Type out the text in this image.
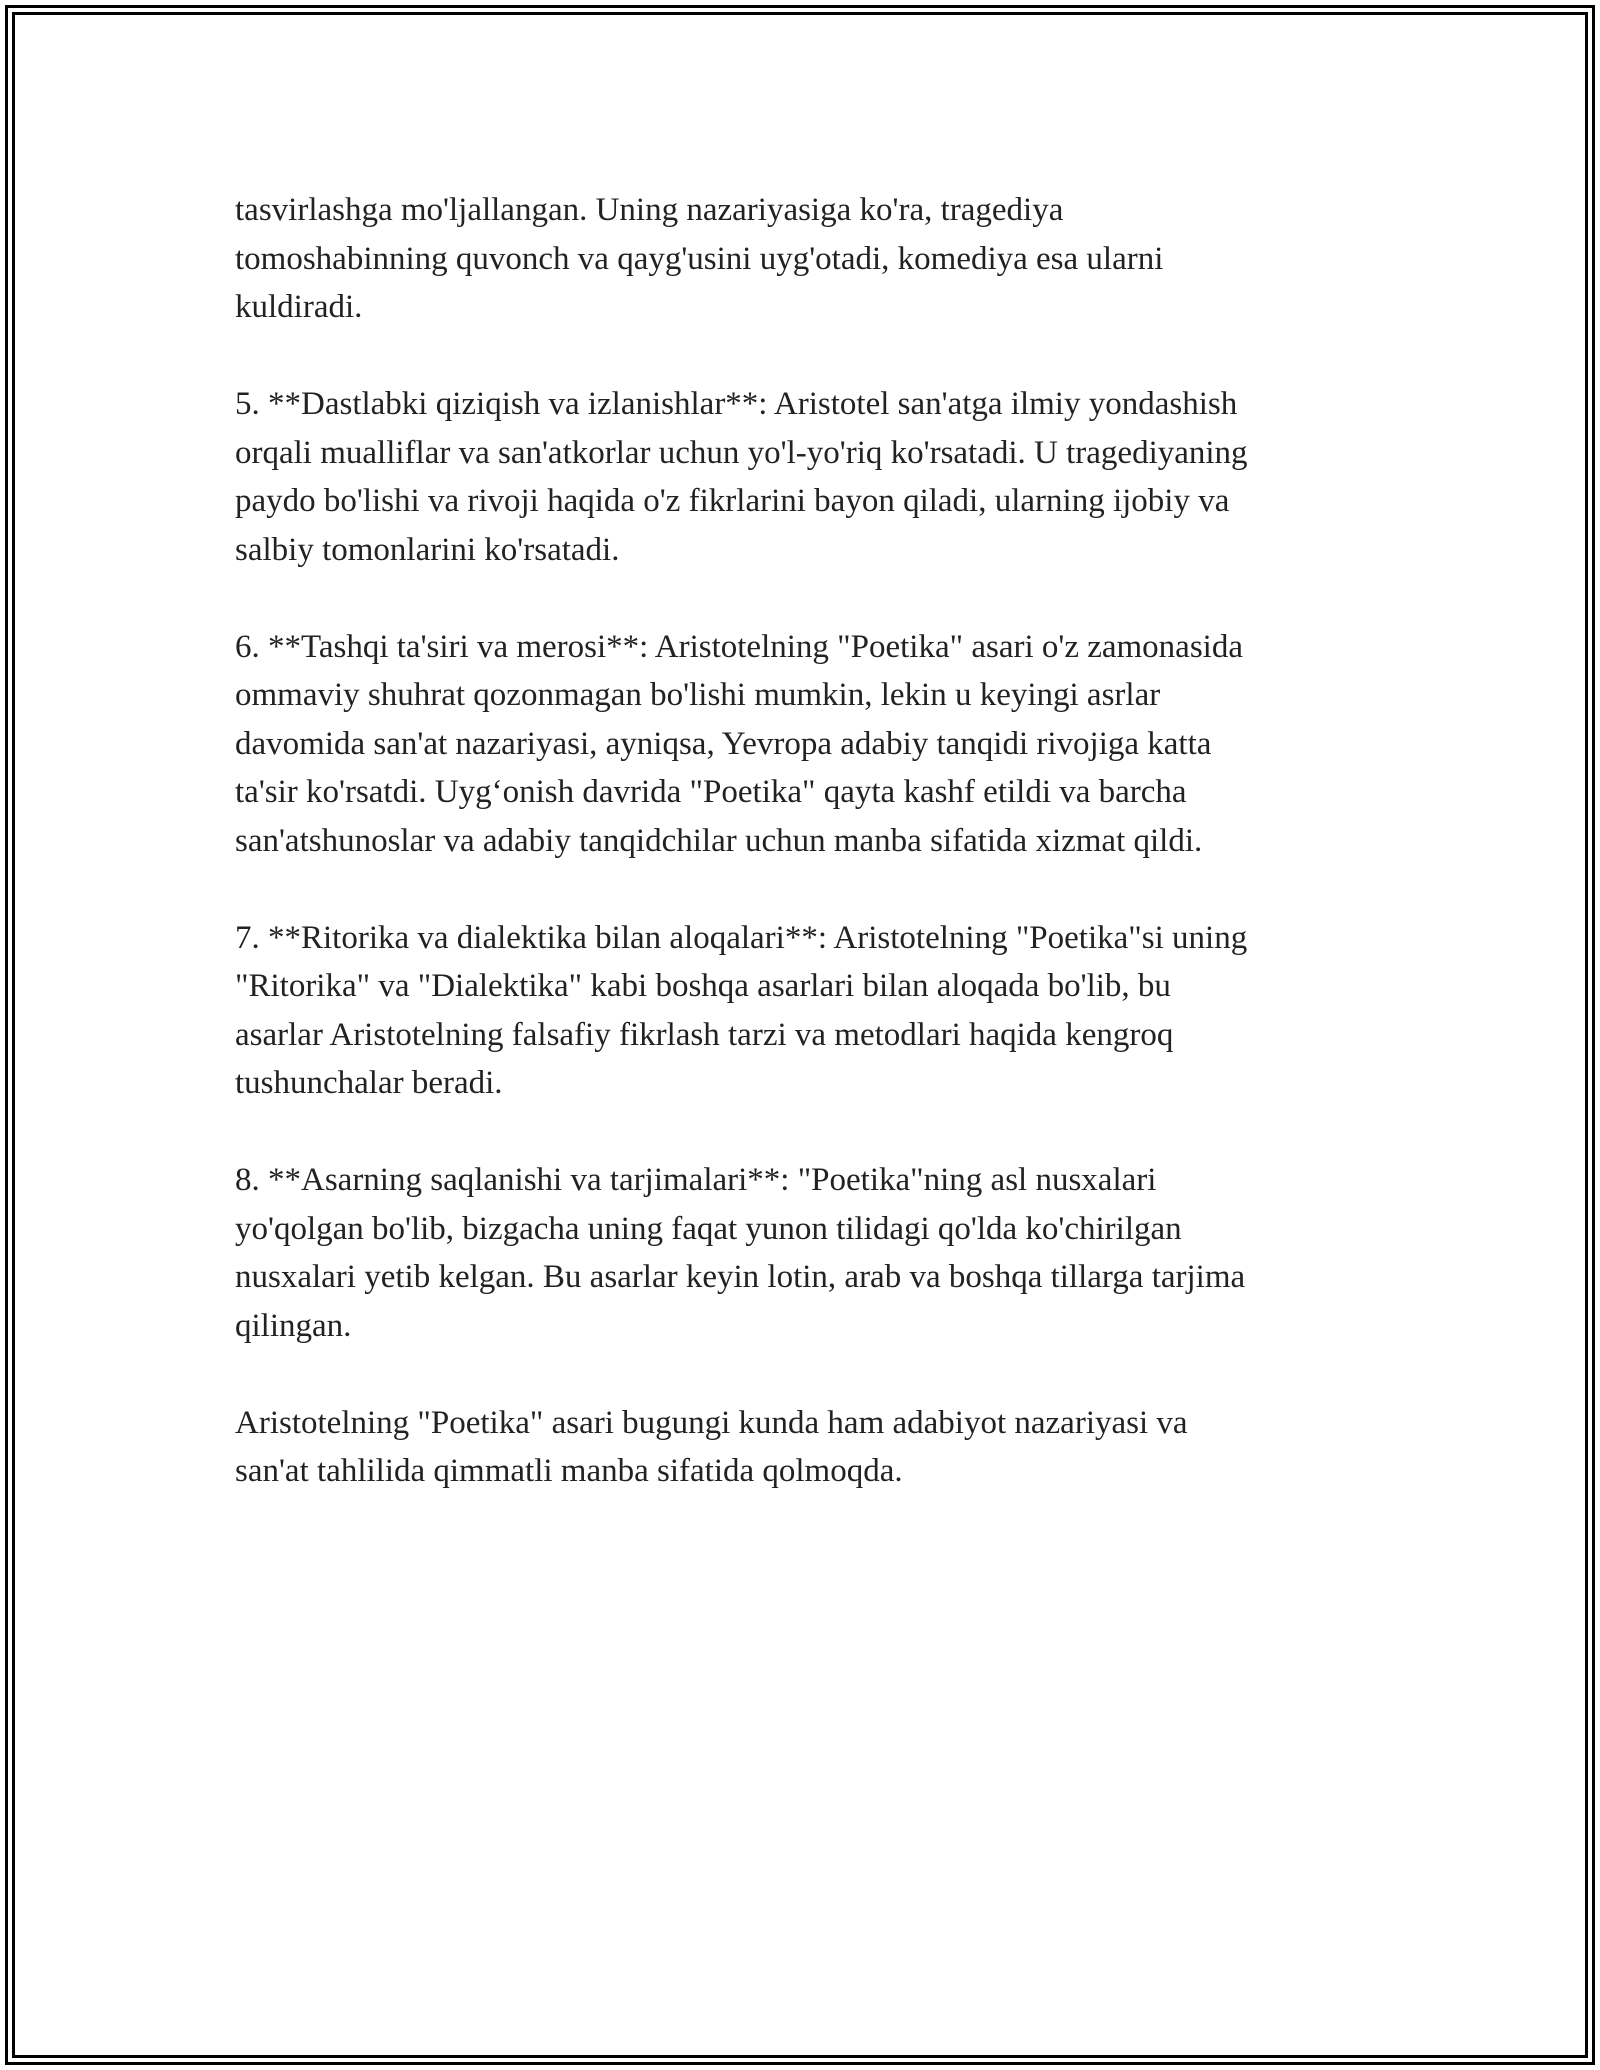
tasvirlashga mo'ljallangan. Uning nazariyasiga ko'ra, tragediya
tomoshabinning quvonch va qayg'usini uyg'otadi, komediya esa ularni
kuldiradi.

5. **Dastlabki qiziqish va izlanishlar**: Aristotel san'atga ilmiy yondashish
orqali mualliflar va san'atkorlar uchun yo'l-yo'riq ko'rsatadi. U tragediyaning
paydo bo'lishi va rivoji haqida o'z fikrlarini bayon qiladi, ularning ijobiy va
salbiy tomonlarini ko'rsatadi.

6. **Tashqi ta'siri va merosi**: Aristotelning "Poetika" asari o'z zamonasida
ommaviy shuhrat qozonmagan bo'lishi mumkin, lekin u keyingi asrlar
davomida san'at nazariyasi, ayniqsa, Yevropa adabiy tanqidi rivojiga katta
ta'sir ko'rsatdi. Uyg‘onish davrida "Poetika" qayta kashf etildi va barcha
san'atshunoslar va adabiy tanqidchilar uchun manba sifatida xizmat qildi.

7. **Ritorika va dialektika bilan aloqalari**: Aristotelning "Poetika"si uning
"Ritorika" va "Dialektika" kabi boshqa asarlari bilan aloqada bo'lib, bu
asarlar Aristotelning falsafiy fikrlash tarzi va metodlari haqida kengroq
tushunchalar beradi.

8. **Asarning saqlanishi va tarjimalari**: "Poetika"ning asl nusxalari
yo'qolgan bo'lib, bizgacha uning faqat yunon tilidagi qo'lda ko'chirilgan
nusxalari yetib kelgan. Bu asarlar keyin lotin, arab va boshqa tillarga tarjima
qilingan.

Aristotelning "Poetika" asari bugungi kunda ham adabiyot nazariyasi va
san'at tahlilida qimmatli manba sifatida qolmoqda.
